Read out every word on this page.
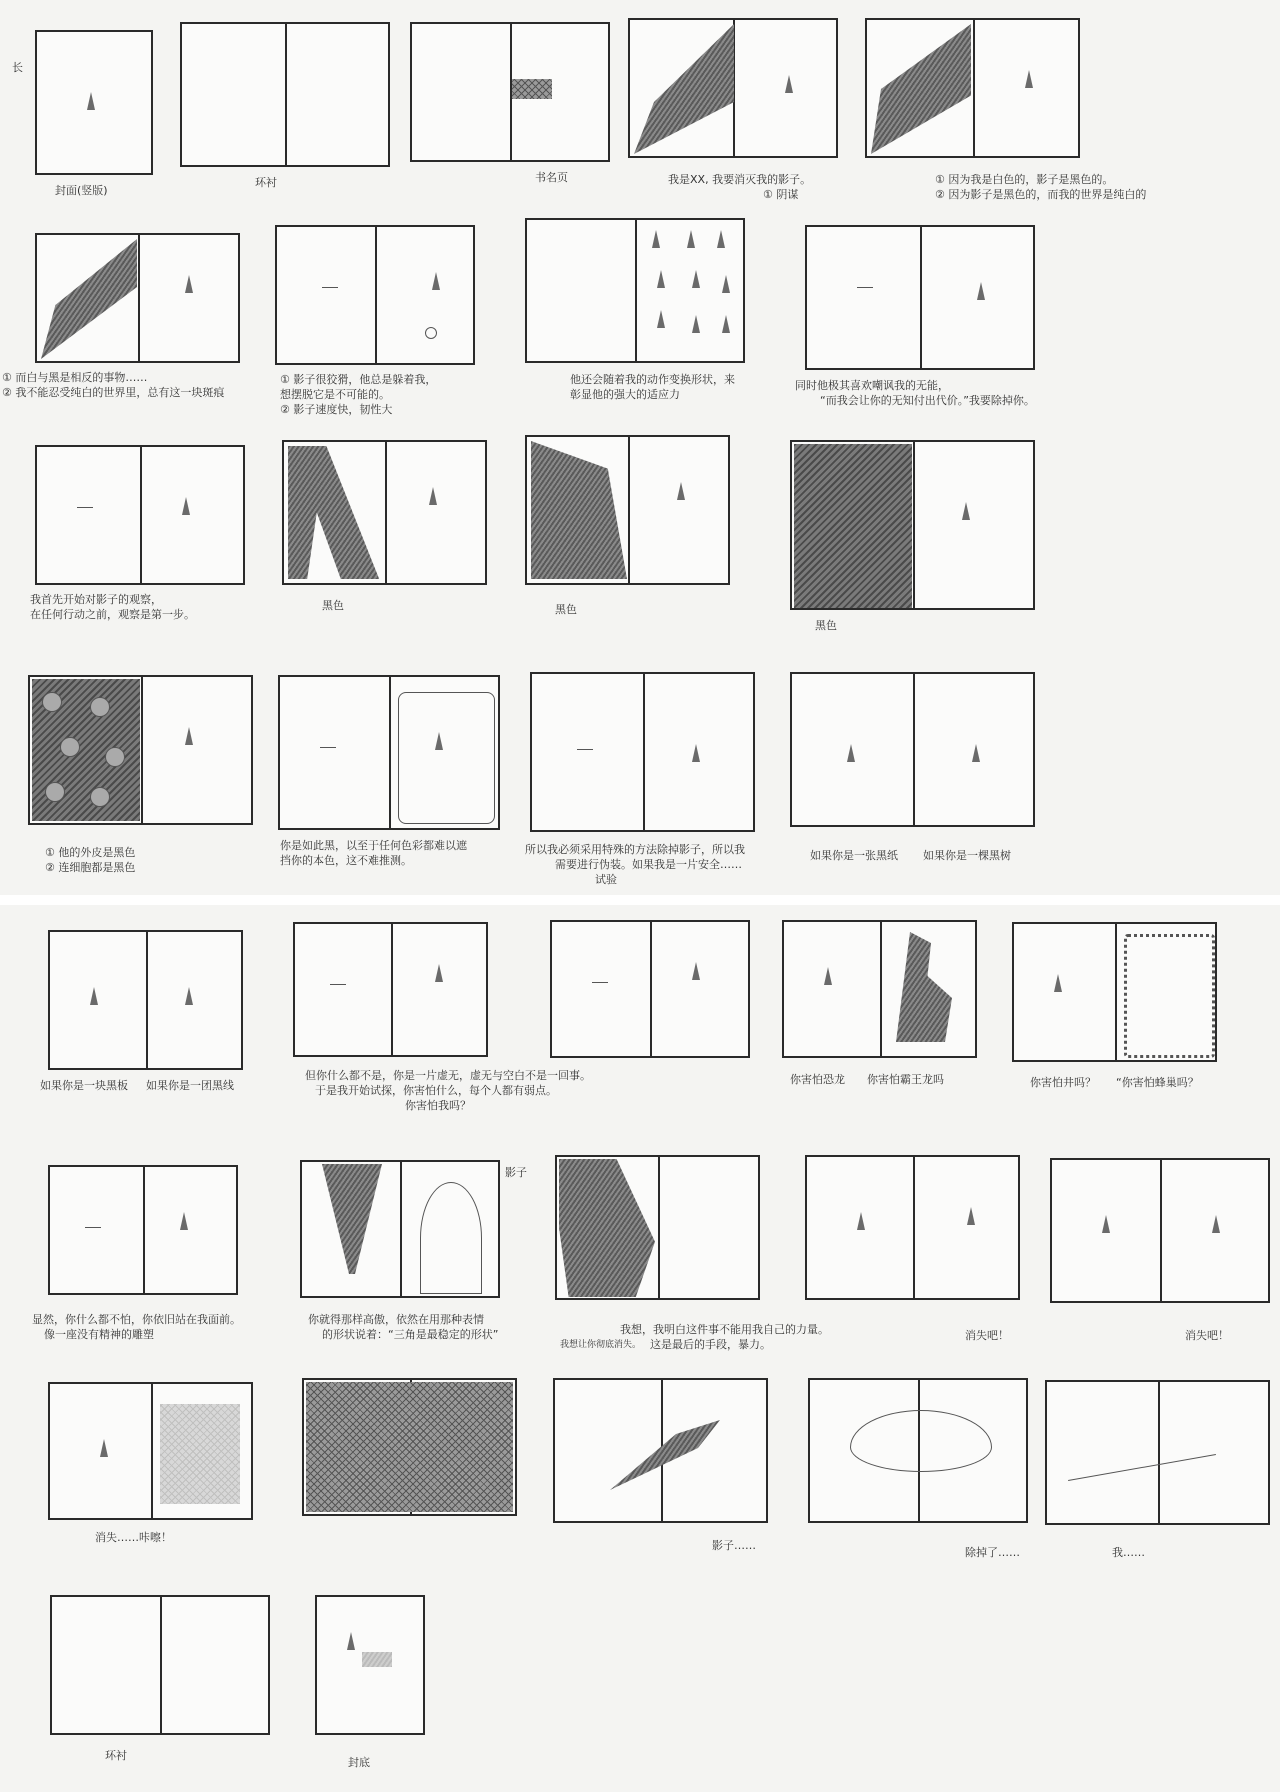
长
封面(竖版)
环衬	书名页	我是XX, 我要消灭我的影子。
① 阴谋
① 因为我是白色的，影子是黑色的。
② 因为影子是黑色的，而我的世界是纯白的
① 而白与黑是相反的事物……
② 我不能忍受纯白的世界里，总有这一块斑痕
① 影子很狡猾，他总是躲着我，
想摆脱它是不可能的。
② 影子速度快，韧性大
他还会随着我的动作变换形状，来
彰显他的强大的适应力
同时他极其喜欢嘲讽我的无能，
“而我会让你的无知付出代价。”我要除掉你。
我首先开始对影子的观察，
在任何行动之前，观察是第一步。
黑色	黑色
黑色
① 他的外皮是黑色
② 连细胞都是黑色
你是如此黑，以至于任何色彩都难以遮
挡你的本色，这不难推测。
所以我必须采用特殊的方法除掉影子，所以我
需要进行伪装。如果我是一片安全……
试验
如果你是一张黑纸 如果你是一棵黑树
如果你是一块黑板 如果你是一团黑线
但你什么都不是，你是一片虚无，虚无与空白不是一回事。
于是我开始试探，你害怕什么，每个人都有弱点。
你害怕我吗？
你害怕恐龙 你害怕霸王龙吗	你害怕井吗？ “你害怕蜂巢吗？
显然，你什么都不怕，你依旧站在我面前。
像一座没有精神的雕塑
影子
你就得那样高傲，依然在用那种表情
的形状说着：“三角是最稳定的形状”
我想让你彻底消失。
我想，我明白这件事不能用我自己的力量。
这是最后的手段，暴力。
消失吧！	消失吧！
消失……咔嚓！
影子……
除掉了……	我……
环衬
封底
